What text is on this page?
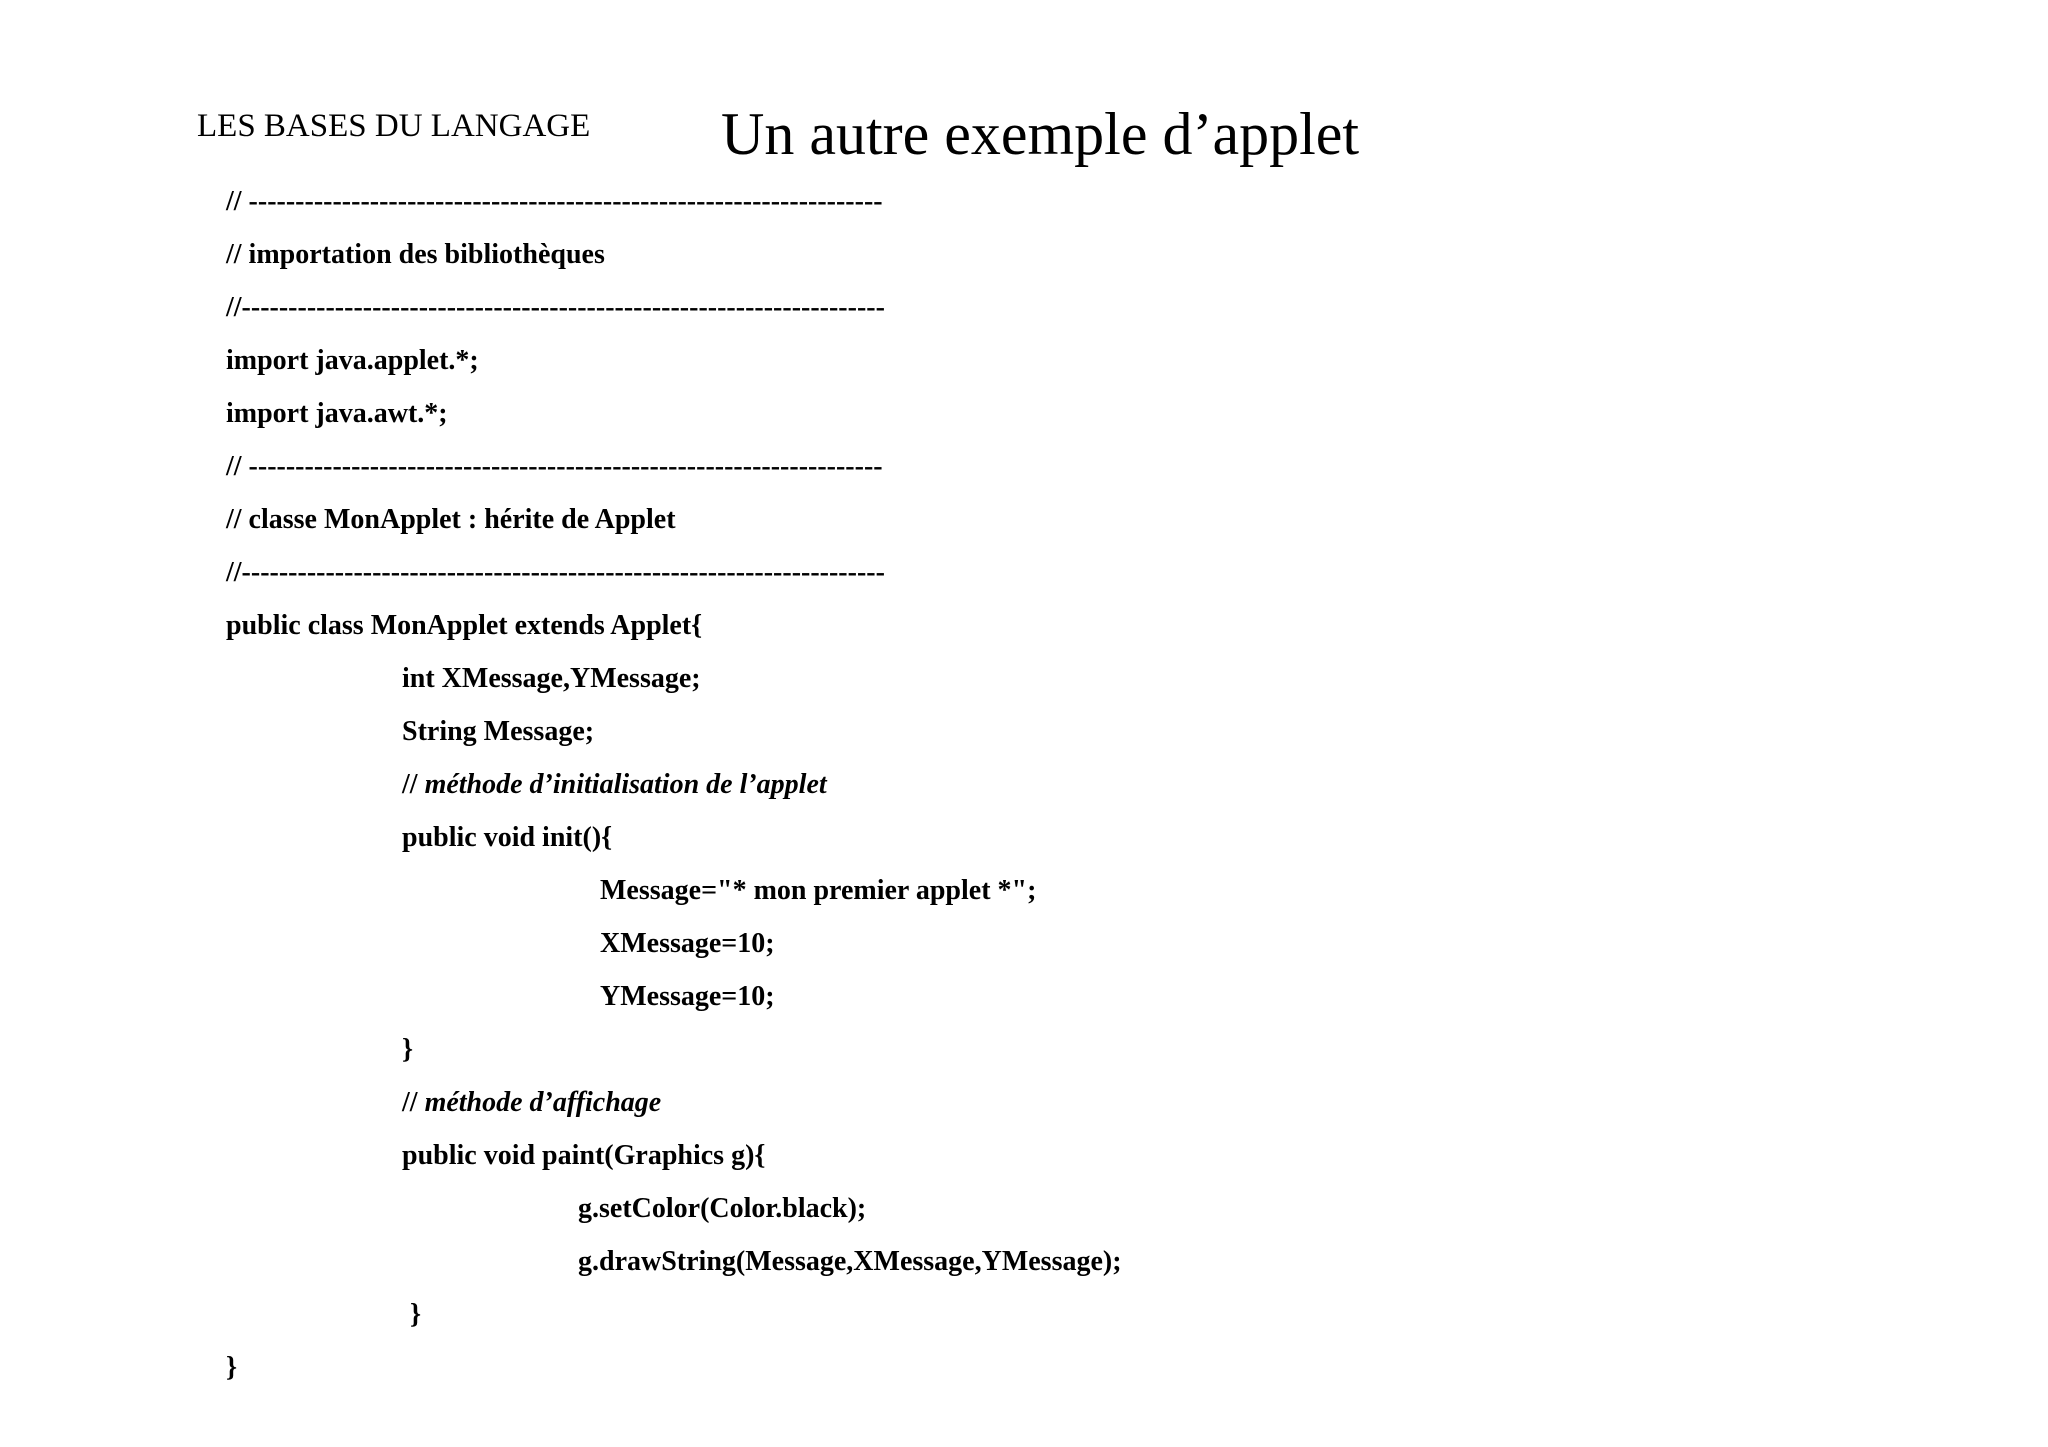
LES BASES DU LANGAGE Un autre exemple d’applet
// --------------------------------------------------------------------
// importation des bibliothèques
//---------------------------------------------------------------------
import java.applet.*;
import java.awt.*;
// --------------------------------------------------------------------
// classe MonApplet : hérite de Applet
//---------------------------------------------------------------------
public class MonApplet extends Applet{
int XMessage,YMessage;
String Message;
// méthode d’initialisation de l’applet
public void init(){
Message="* mon premier applet *";
XMessage=10;
YMessage=10;
}
// méthode d’affichage
public void paint(Graphics g){
g.setColor(Color.black);
g.drawString(Message,XMessage,YMessage);
}
}
